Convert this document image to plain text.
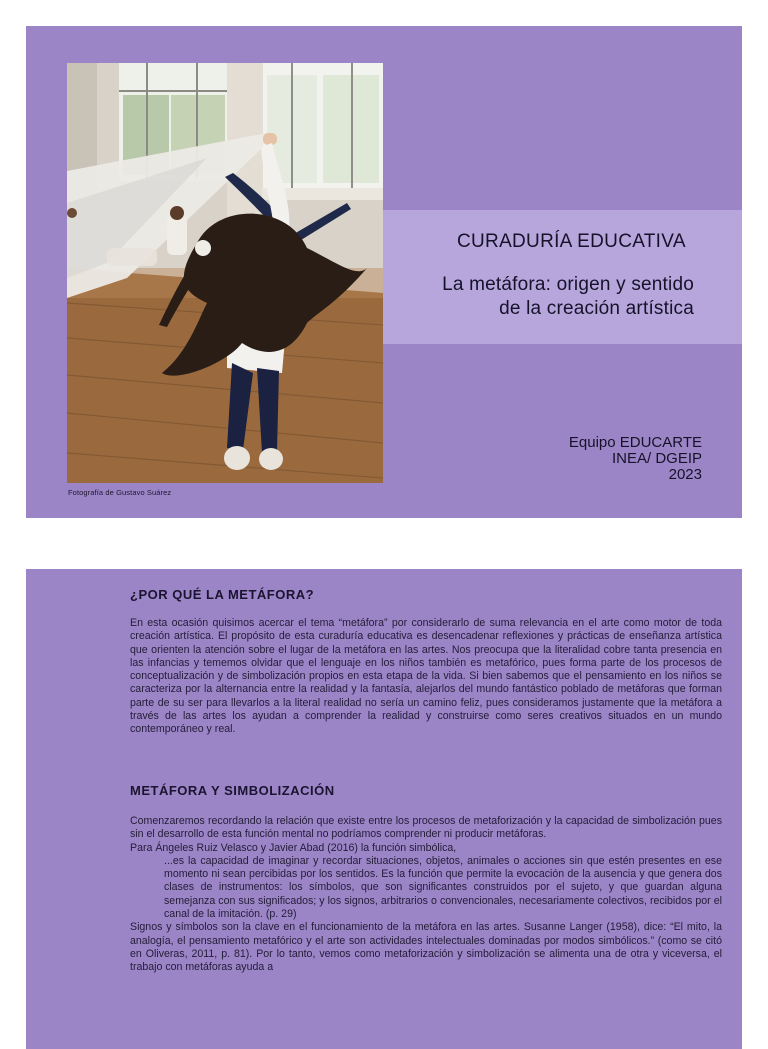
Fotografía de Gustavo Suárez
CURADURÍA EDUCATIVA
La metáfora: origen y sentido
de la creación artística
Equipo EDUCARTE
INEA/ DGEIP
2023
¿POR QUÉ LA METÁFORA?

En esta ocasión quisimos acercar el tema “metáfora” por considerarlo de suma relevancia en el arte como motor de toda creación artística. El propósito de esta curaduría educativa es desencadenar reflexiones y prácticas de enseñanza artística que orienten la atención sobre el lugar de la metáfora en las artes. Nos preocupa que la literalidad cobre tanta presencia en las infancias y tememos olvidar que el lenguaje en los niños también es metafórico, pues forma parte de los procesos de conceptualización y de simbolización propios en esta etapa de la vida. Si bien sabemos que el pensamiento en los niños se caracteriza por la alternancia entre la realidad y la fantasía, alejarlos del mundo fantástico poblado de metáforas que forman parte de su ser para llevarlos a la literal realidad no sería un camino feliz, pues consideramos justamente que la metáfora a través de las artes los ayudan a comprender la realidad y construirse como seres creativos situados en un mundo contemporáneo y real.

METÁFORA Y SIMBOLIZACIÓN

Comenzaremos recordando la relación que existe entre los procesos de metaforización y la capacidad de simbolización pues sin el desarrollo de esta función mental no podríamos comprender ni producir metáforas.

Para Ángeles Ruiz Velasco y Javier Abad (2016) la función simbólica,

...es la capacidad de imaginar y recordar situaciones, objetos, animales o acciones sin que estén presentes en ese momento ni sean percibidas por los sentidos. Es la función que permite la evocación de la ausencia y que genera dos clases de instrumentos: los símbolos, que son significantes construidos por el sujeto, y que guardan alguna semejanza con sus significados; y los signos, arbitrarios o convencionales, necesariamente colectivos, recibidos por el canal de la imitación. (p. 29)

Signos y símbolos son la clave en el funcionamiento de la metáfora en las artes. Susanne Langer (1958), dice: “El mito, la analogía, el pensamiento metafórico y el arte son actividades intelectuales dominadas por modos simbólicos.” (como se citó en Oliveras, 2011, p. 81). Por lo tanto, vemos como metaforización y simbolización se alimenta una de otra y viceversa, el trabajo con metáforas ayuda a
